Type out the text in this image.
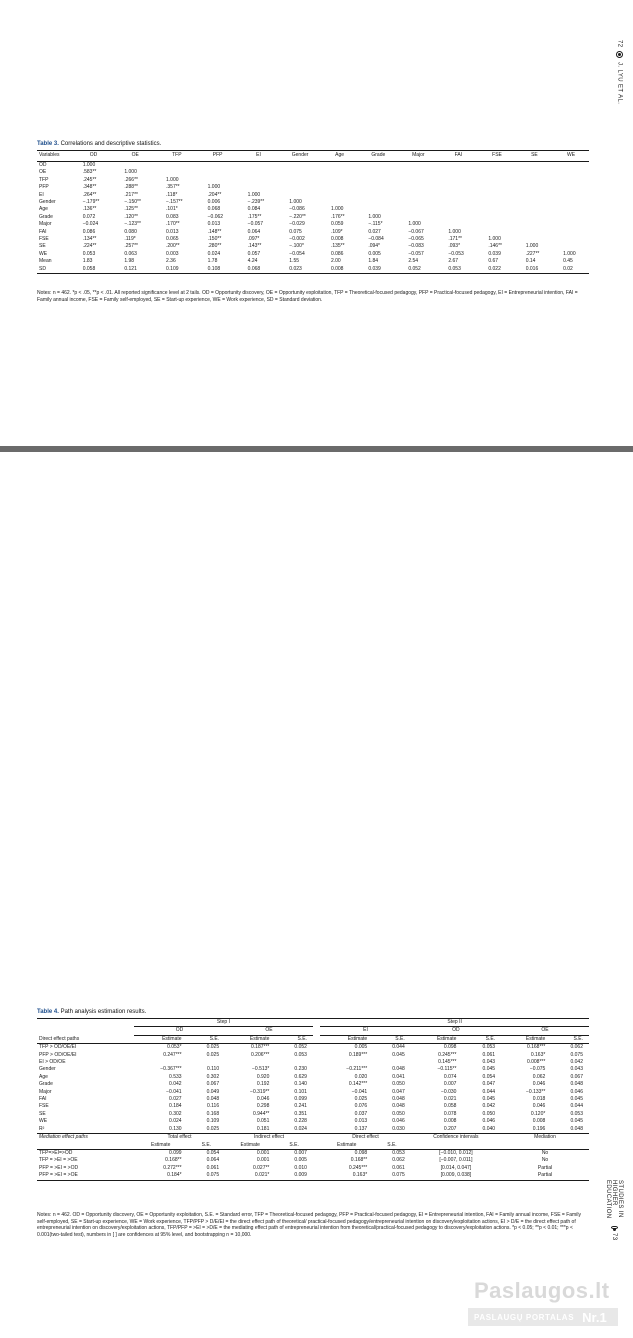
72
J. LYU ET AL.
Table 3. Correlations and descriptive statistics.
Variables	OD	OE	TFP	PFP	EI	Gender	Age	Grade	Major	FAI	FSE	SE	WE
OD	1.000												
OE	.583**	1.000											
TFP	.245**	.266**	1.000										
PFP	.348**	.288**	.357**	1.000									
EI	.264**	.217**	.118*	.204**	1.000								
Gender	−.179**	−.150**	−.157**	0.006	−.239**	1.000							
Age	.136**	.125**	.101*	0.068	0.084	−0.086	1.000						
Grade	0.072	.120**	0.083	−0.062	.175**	−.220**	.176**	1.000					
Major	−0.024	−.123**	.170**	0.013	−0.057	−0.029	0.059	−.115*	1.000				
FAI	0.086	0.080	0.013	.148**	0.064	0.075	.109*	0.027	−0.067	1.000			
FSE	.134**	.119*	0.065	.150**	.097*	−0.002	0.008	−0.084	−0.065	.171**	1.000		
SE	.224**	.257**	.200**	.280**	.143**	−.100*	.135**	.094*	−0.083	.093*	.146**	1.000	
WE	0.053	0.063	0.003	0.024	0.057	−0.054	0.086	0.005	−0.057	−0.053	0.039	.227**	1.000
Mean	1.83	1.98	2.36	1.78	4.24	1.55	2.00	1.84	2.54	2.67	0.67	0.14	0.45
SD	0.058	0.121	0.109	0.108	0.068	0.023	0.008	0.039	0.052	0.053	0.022	0.016	0.02
Notes: n = 462. *p < .05, **p < .01. All reported significance level at 2 tails. OD = Opportunity discovery, OE = Opportunity exploitation, TFP = Theoretical-focused pedagogy, PFP = Practical-focused pedagogy, EI = Entrepreneurial intention, FAI = Family annual income, FSE = Family self-employed, SE = Start-up experience, WE = Work experience, SD = Standard deviation.
STUDIES IN HIGHER EDUCATION
73
Table 4. Path analysis estimation results.
	Step I					Step II					
	OD		OE			EI		OD		OE	
Direct effect paths	Estimate	S.E.	Estimate	S.E.		Estimate	S.E.	Estimate	S.E.	Estimate	S.E.
TFP > OD/OE/EI	0.053*	0.025	0.187***	0.052		0.005	0.044	0.098	0.053	0.168***	0.062
PFP > OD/OE/EI	0.247***	0.025	0.206***	0.053		0.189***	0.045	0.245***	0.061	0.163*	0.075
EI > OD/OE								0.145***	0.043	0.008***	0.042
Gender	−0.367***	0.110	−0.513*	0.230		−0.211***	0.048	−0.115**	0.045	−0.075	0.043
Age	0.533	0.302	0.920	0.629		0.020	0.041	0.074	0.054	0.062	0.067
Grade	0.042	0.067	0.192	0.140		0.142***	0.050	0.007	0.047	0.046	0.048
Major	−0.041	0.049	−0.319**	0.101		−0.041	0.047	−0.030	0.044	−0.133**	0.046
FAI	0.027	0.048	0.046	0.099		0.025	0.048	0.021	0.045	0.018	0.045
FSE	0.184	0.116	0.298	0.241		0.076	0.048	0.058	0.042	0.046	0.044
SE	0.302	0.168	0.944**	0.351		0.037	0.050	0.078	0.050	0.120*	0.053
WE	0.024	0.109	0.051	0.228		0.013	0.046	0.008	0.046	0.008	0.045
R²	0.130	0.025	0.181	0.024		0.137	0.030	0.207	0.040	0.196	0.048
Mediation effect paths	Total effect		Indirect effect			Direct effect		Confidence intervals		Mediation	
	Estimate	S.E.	Estimate	S.E.		Estimate	S.E.				
TFP=>EI=>OD	0.099	0.054	0.001	0.007		0.098	0.053	[−0.010, 0.012]		No	
TFP = >EI = >OE	0.168**	0.064	0.001	0.005		0.168**	0.062	[−0.007, 0.011]		No	
PFP = >EI = >OD	0.272***	0.061	0.027**	0.010		0.245***	0.061	[0.014, 0.047]		Partial	
PFP = >EI = >OE	0.184*	0.075	0.021*	0.009		0.163*	0.075	[0.009, 0.038]		Partial	
Notes: n = 462. OD = Opportunity discovery, OE = Opportunity exploitation, S.E. = Standard error, TFP = Theoretical-focused pedagogy, PFP = Practical-focused pedagogy, EI = Entrepreneurial intention, FAI = Family annual income, FSE = Family self-employed, SE = Start-up experience, WE = Work experience, TFP/PFP > D/E/EI = the direct effect path of theoretical/ practical-focused pedagogy/entrepreneurial intention on discovery/exploitation actions, EI > D/E = the direct effect path of entrepreneurial intention on discovery/exploitation actions, TFP/PFP = >EI = >D/E = the mediating effect path of entrepreneurial intention from theoretical/practical-focused pedagogy to discovery/exploitation actions. *p < 0.05; **p < 0.01; ***p < 0.001(two-tailed test), numbers in [ ] are confidences at 95% level, and bootstrapping n = 10,000.
Paslaugos.lt
PASLAUGŲ PORTALAS Nr.1
